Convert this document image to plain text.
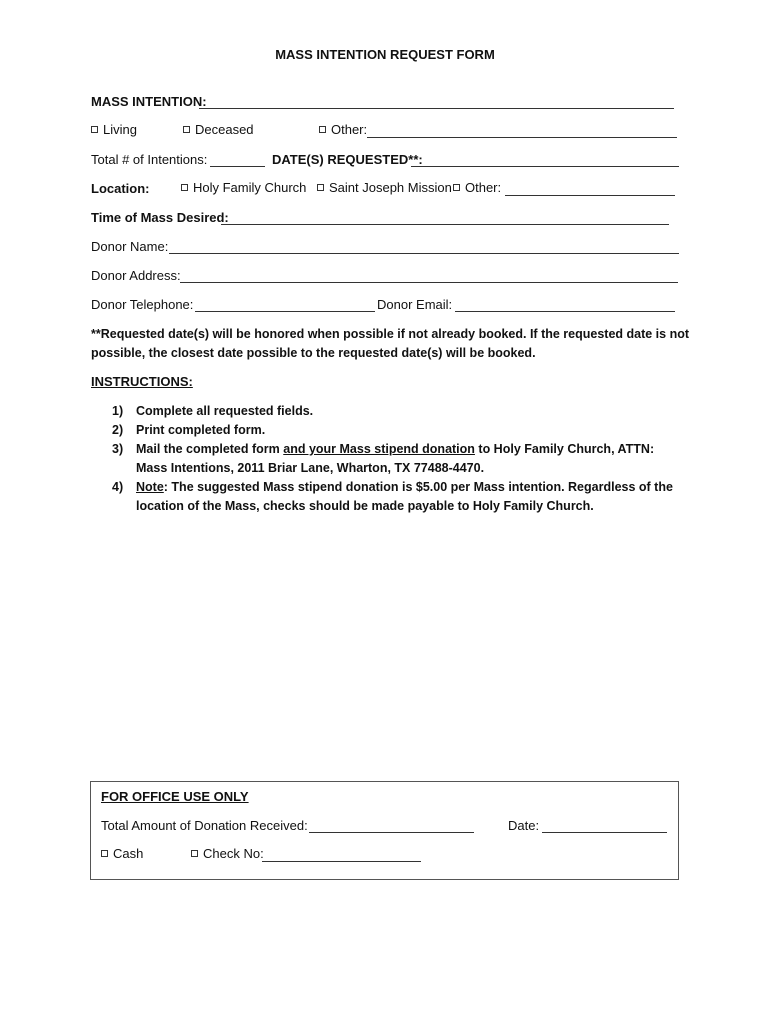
MASS INTENTION REQUEST FORM
MASS INTENTION:
Living	Deceased	Other:
Total # of Intentions:	DATE(S) REQUESTED**:
Location:	Holy Family Church	Saint Joseph Mission	Other:
Time of Mass Desired:
Donor Name:
Donor Address:
Donor Telephone:	Donor Email:
**Requested date(s) will be honored when possible if not already booked. If the requested date is not possible, the closest date possible to the requested date(s) will be booked.
INSTRUCTIONS:
1) Complete all requested fields.
2) Print completed form.
3) Mail the completed form and your Mass stipend donation to Holy Family Church, ATTN: Mass Intentions, 2011 Briar Lane, Wharton, TX 77488-4470.
4) Note: The suggested Mass stipend donation is $5.00 per Mass intention. Regardless of the location of the Mass, checks should be made payable to Holy Family Church.
FOR OFFICE USE ONLY
Total Amount of Donation Received:	Date:
Cash	Check No:
